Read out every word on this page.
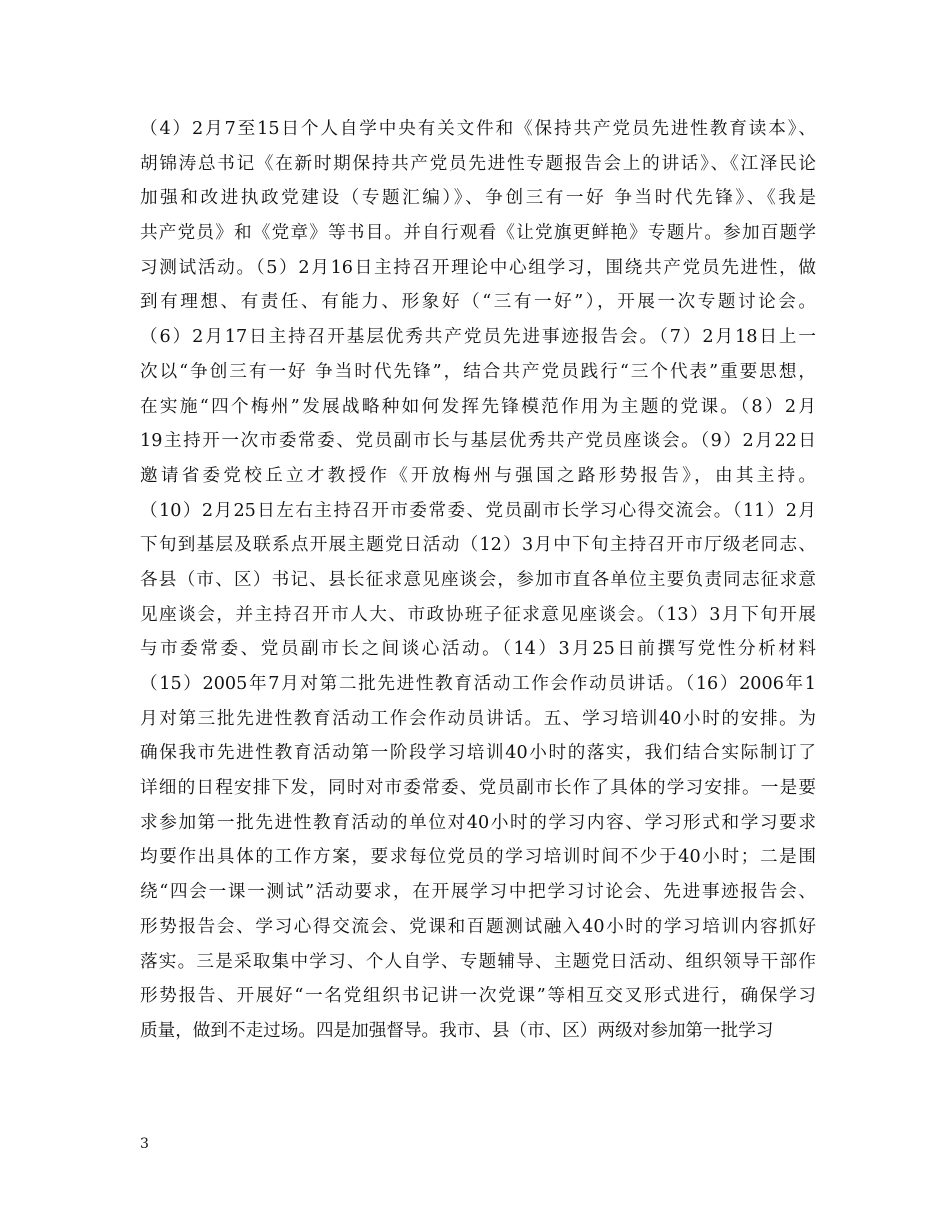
（4）2月7至15日个人自学中央有关文件和《保持共产党员先进性教育读本》、
胡锦涛总书记《在新时期保持共产党员先进性专题报告会上的讲话》、《江泽民论
加强和改进执政党建设（专题汇编）》、争创三有一好 争当时代先锋》、《我是
共产党员》和《党章》等书目。并自行观看《让党旗更鲜艳》专题片。参加百题学
习测试活动。（5）2月16日主持召开理论中心组学习，围绕共产党员先进性，做
到有理想、有责任、有能力、形象好（“三有一好”），开展一次专题讨论会。
（6）2月17日主持召开基层优秀共产党员先进事迹报告会。（7）2月18日上一
次以“争创三有一好 争当时代先锋”，结合共产党员践行“三个代表”重要思想，
在实施“四个梅州”发展战略种如何发挥先锋模范作用为主题的党课。（8）2月
19主持开一次市委常委、党员副市长与基层优秀共产党员座谈会。（9）2月22日
邀请省委党校丘立才教授作《开放梅州与强国之路形势报告》，由其主持。
（10）2月25日左右主持召开市委常委、党员副市长学习心得交流会。（11）2月
下旬到基层及联系点开展主题党日活动（12）3月中下旬主持召开市厅级老同志、
各县（市、区）书记、县长征求意见座谈会，参加市直各单位主要负责同志征求意
见座谈会，并主持召开市人大、市政协班子征求意见座谈会。（13）3月下旬开展
与市委常委、党员副市长之间谈心活动。（14）3月25日前撰写党性分析材料
（15）2005年7月对第二批先进性教育活动工作会作动员讲话。（16）2006年1
月对第三批先进性教育活动工作会作动员讲话。五、学习培训40小时的安排。为
确保我市先进性教育活动第一阶段学习培训40小时的落实，我们结合实际制订了
详细的日程安排下发，同时对市委常委、党员副市长作了具体的学习安排。一是要
求参加第一批先进性教育活动的单位对40小时的学习内容、学习形式和学习要求
均要作出具体的工作方案，要求每位党员的学习培训时间不少于40小时；二是围
绕“四会一课一测试”活动要求，在开展学习中把学习讨论会、先进事迹报告会、
形势报告会、学习心得交流会、党课和百题测试融入40小时的学习培训内容抓好
落实。三是采取集中学习、个人自学、专题辅导、主题党日活动、组织领导干部作
形势报告、开展好“一名党组织书记讲一次党课”等相互交叉形式进行，确保学习
质量，做到不走过场。四是加强督导。我市、县（市、区）两级对参加第一批学习
3
